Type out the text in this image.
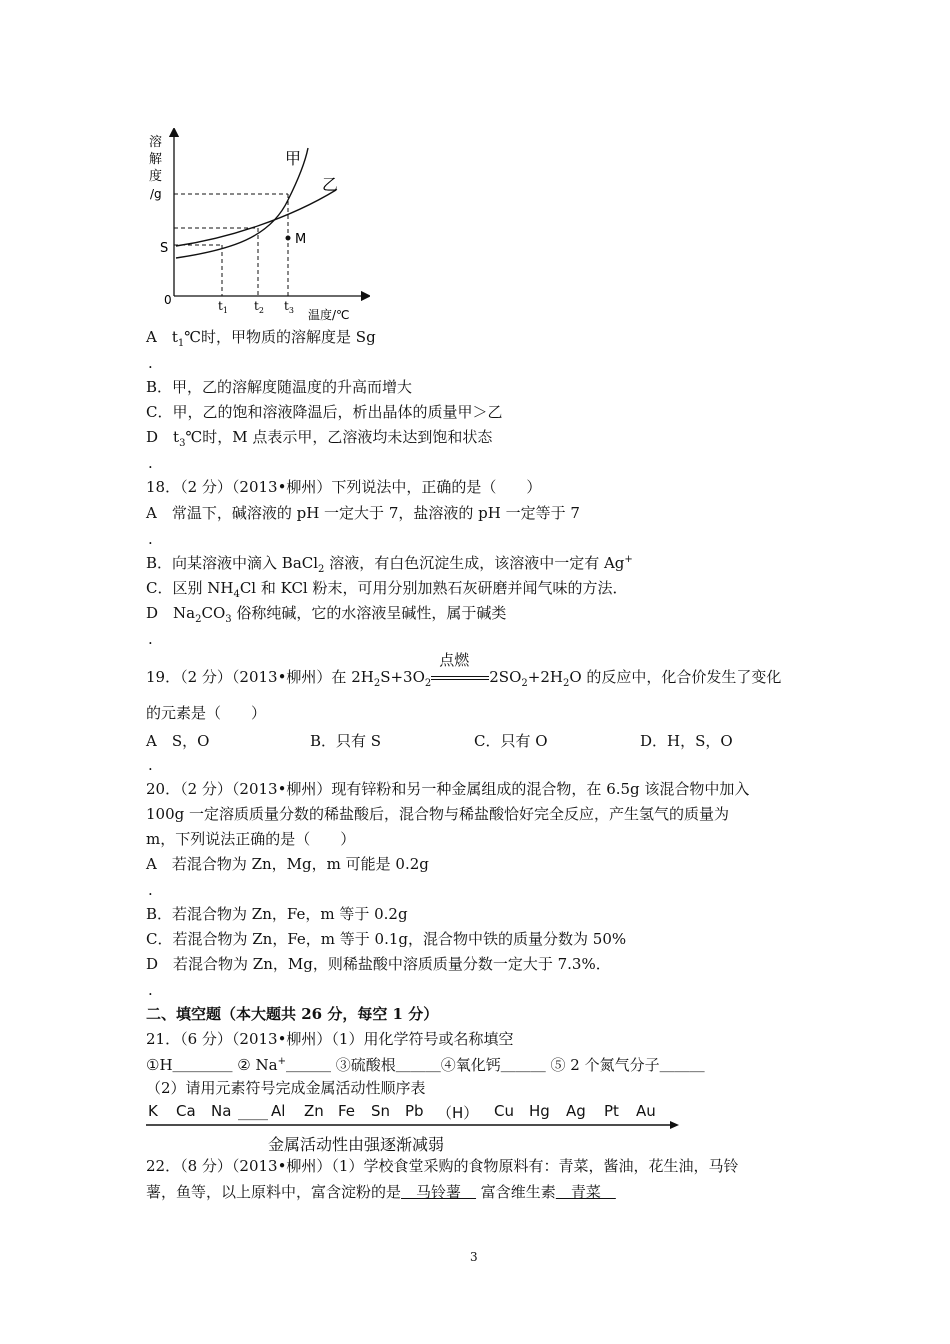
溶
解
度
/g
0
S
甲
乙
M
$t_1$ $t_2$ $t_3$ 温度/℃
A　$t_1℃$时，甲物质的溶解度是 Sg
.
B．甲，乙的溶解度随温度的升高而增大
C．甲，乙的饱和溶液降温后，析出晶体的质量甲＞乙
D　$t_3℃$时，M 点表示甲，乙溶液均未达到饱和状态
.
18．（2 分）（2013•柳州）下列说法中，正确的是（　　）
A　常温下，碱溶液的 pH 一定大于 7，盐溶液的 pH 一定等于 7
.
B．向某溶液中滴入 BaCl$_2$ 溶液，有白色沉淀生成，该溶液中一定有 Ag+
C．区别 $NH_4Cl$ 和 KCl 粉末，可用分别加熟石灰研磨并闻气味的方法．
D　$Na_2CO_3$ 俗称纯碱，它的水溶液呈碱性，属于碱类
.
19．（2 分）（2013•柳州）在 $2H_2S+3O_2$
点燃
$2SO_2+2H_2O$ 的反应中，化合价发生了变化
的元素是（　　）
A　S，O	B．只有 S	C．只有 O	D．H，S，O
.
20．（2 分）（2013•柳州）现有锌粉和另一种金属组成的混合物，在 6.5g 该混合物中加入
100g 一定溶质质量分数的稀盐酸后，混合物与稀盐酸恰好完全反应，产生氢气的质量为
m，下列说法正确的是（　　）
A　若混合物为 Zn，Mg，m 可能是 0.2g
.
B．若混合物为 Zn，Fe，m 等于 0.2g
C．若混合物为 Zn，Fe，m 等于 0.1g，混合物中铁的质量分数为 50%
D　若混合物为 Zn，Mg，则稀盐酸中溶质质量分数一定大于 7.3%．
.
二、填空题（本大题共 26 分，每空 1 分）
21．（6 分）（2013•柳州）（1）用化学符号或名称填空
①H＿＿＿＿ ② Na+＿＿＿ ③硫酸根＿＿＿④氧化钙＿＿＿ ⑤ 2 个氮气分子＿＿＿
（2）请用元素符号完成金属活动性顺序表
K Ca Na ＿＿ Al Zn Fe Sn Pb （H） Cu Hg Ag Pt Au
金属活动性由强逐渐减弱
22．（8 分）（2013•柳州）（1）学校食堂采购的食物原料有：青菜，酱油，花生油，马铃
薯，鱼等，以上原料中，富含淀粉的是　马铃薯　 富含维生素　青菜　
3
